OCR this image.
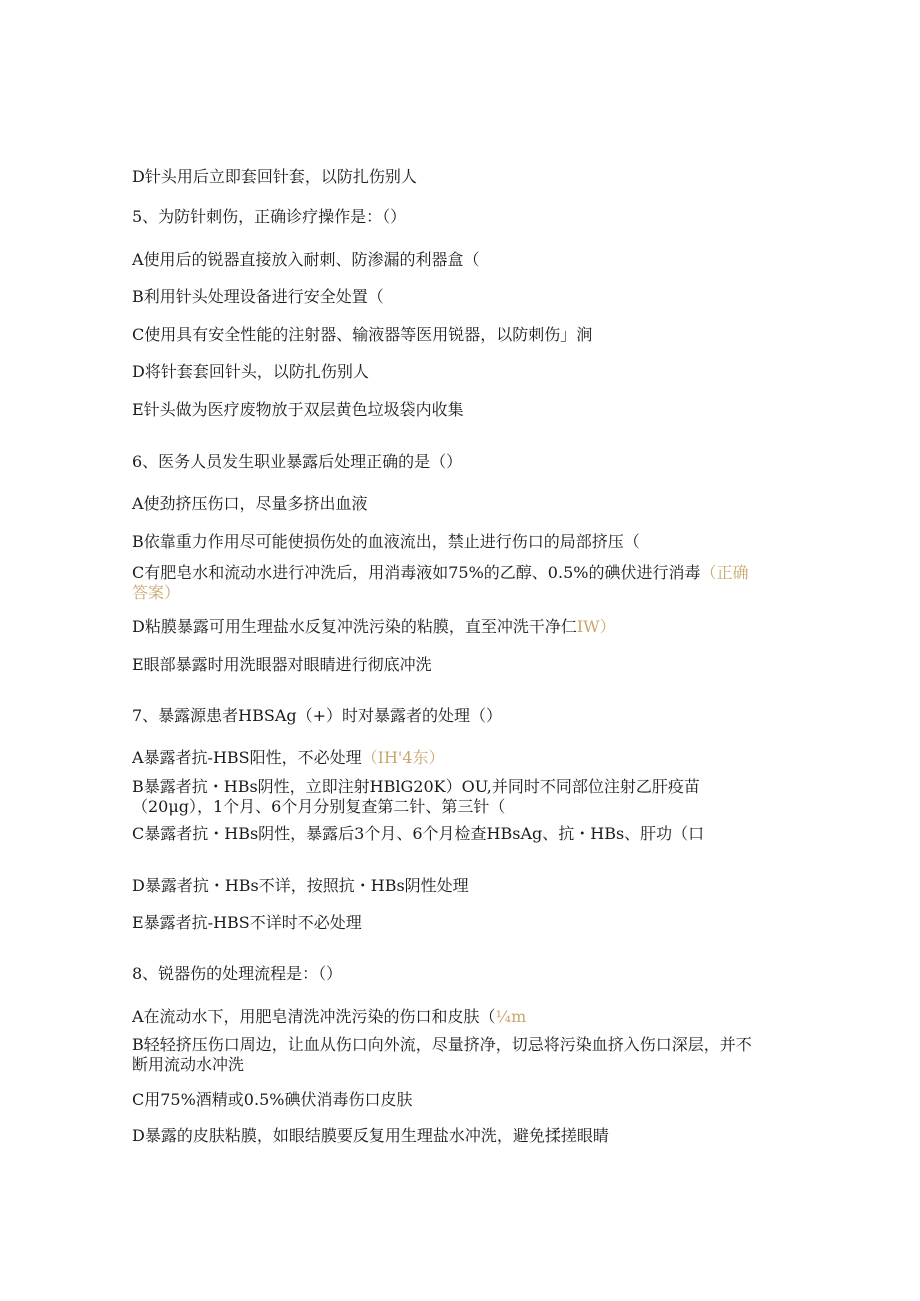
D针头用后立即套回针套，以防扎伤别人
5、为防针刺伤，正确诊疗操作是：（）
A使用后的锐器直接放入耐刺、防渗漏的利器盒（
B利用针头处理设备进行安全处置（
C使用具有安全性能的注射器、输液器等医用锐器，以防刺伤」涧
D将针套套回针头，以防扎伤别人
E针头做为医疗废物放于双层黄色垃圾袋内收集
6、医务人员发生职业暴露后处理正确的是（）
A使劲挤压伤口，尽量多挤出血液
B依靠重力作用尽可能使损伤处的血液流出，禁止进行伤口的局部挤压（
C有肥皂水和流动水进行冲洗后，用消毒液如75%的乙醇、0.5%的碘伏进行消毒（正确答案）
D粘膜暴露可用生理盐水反复冲洗污染的粘膜，直至冲洗干净仁IW）
E眼部暴露时用洗眼器对眼睛进行彻底冲洗
7、暴露源患者HBSAg（+）时对暴露者的处理（）
A暴露者抗-HBS阳性，不必处理（IH'4东）
B暴露者抗・HBs阴性，立即注射HBlG20K）OU,并同时不同部位注射乙肝疫苗（20μg），1个月、6个月分别复查第二针、第三针（
C暴露者抗・HBs阴性，暴露后3个月、6个月检查HBsAg、抗・HBs、肝功（口
D暴露者抗・HBs不详，按照抗・HBs阴性处理
E暴露者抗-HBS不详时不必处理
8、锐器伤的处理流程是：（）
A在流动水下，用肥皂清洗冲洗污染的伤口和皮肤（¼m
B轻轻挤压伤口周边，让血从伤口向外流，尽量挤净，切忌将污染血挤入伤口深层，并不断用流动水冲洗
C用75%酒精或0.5%碘伏消毒伤口皮肤
D暴露的皮肤粘膜，如眼结膜要反复用生理盐水冲洗，避免揉搓眼睛
